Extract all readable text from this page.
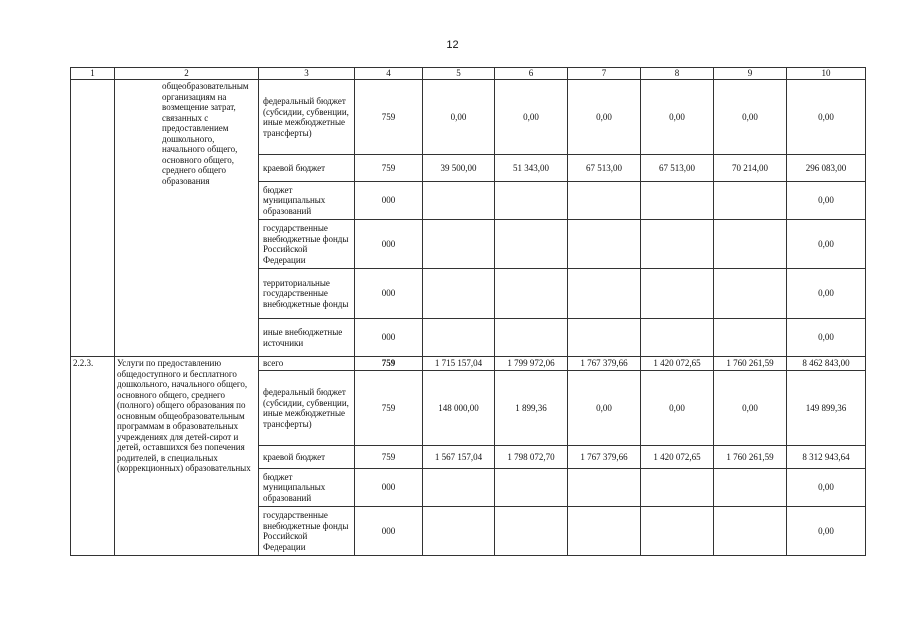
12
1	2	3	4	5	6	7	8	9	10
	общеобразовательным организациям на возмещение затрат, связанных с предоставлением дошкольного, начального общего, основного общего, среднего общего образования	федеральный бюджет (субсидии, субвенции, иные межбюджетные трансферты)	759	0,00	0,00	0,00	0,00	0,00	0,00
		краевой бюджет	759	39 500,00	51 343,00	67 513,00	67 513,00	70 214,00	296 083,00
		бюджет муниципальных образований	000						0,00
		государственные внебюджетные фонды Российской Федерации	000						0,00
		территориальные государственные внебюджетные фонды	000						0,00
		иные внебюджетные источники	000						0,00
2.2.3.	Услуги по предоставлению общедоступного и бесплатного дошкольного, начального общего, основного общего, среднего (полного) общего образования по основным общеобразовательным программам в образовательных учреждениях для детей-сирот и детей, оставшихся без попечения родителей, в специальных (коррекционных) образовательных	всего	759	1 715 157,04	1 799 972,06	1 767 379,66	1 420 072,65	1 760 261,59	8 462 843,00
		федеральный бюджет (субсидии, субвенции, иные межбюджетные трансферты)	759	148 000,00	1 899,36	0,00	0,00	0,00	149 899,36
		краевой бюджет	759	1 567 157,04	1 798 072,70	1 767 379,66	1 420 072,65	1 760 261,59	8 312 943,64
		бюджет муниципальных образований	000						0,00
		государственные внебюджетные фонды Российской Федерации	000						0,00
